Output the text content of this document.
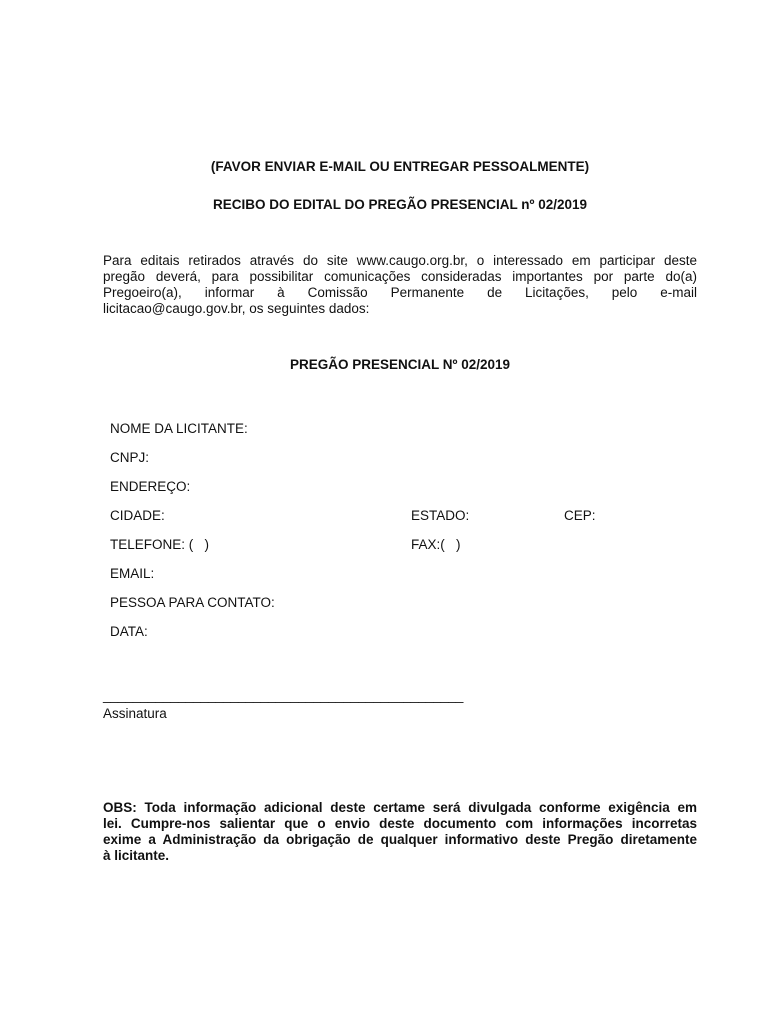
(FAVOR ENVIAR E-MAIL OU ENTREGAR PESSOALMENTE)
RECIBO DO EDITAL DO PREGÃO PRESENCIAL nº 02/2019
Para editais retirados através do site www.caugo.org.br, o interessado em participar deste
pregão deverá, para possibilitar comunicações consideradas importantes por parte do(a)
Pregoeiro(a), informar à Comissão Permanente de Licitações, pelo e-mail
licitacao@caugo.gov.br, os seguintes dados:
PREGÃO PRESENCIAL Nº 02/2019
NOME DA LICITANTE:
CNPJ:
ENDEREÇO:
CIDADE:	ESTADO:	CEP:
TELEFONE: (   )	FAX:(   )
EMAIL:
PESSOA PARA CONTATO:
DATA:
________________________________________________
Assinatura
OBS: Toda informação adicional deste certame será divulgada conforme exigência em
lei. Cumpre-nos salientar que o envio deste documento com informações incorretas
exime a Administração da obrigação de qualquer informativo deste Pregão diretamente
à licitante.
